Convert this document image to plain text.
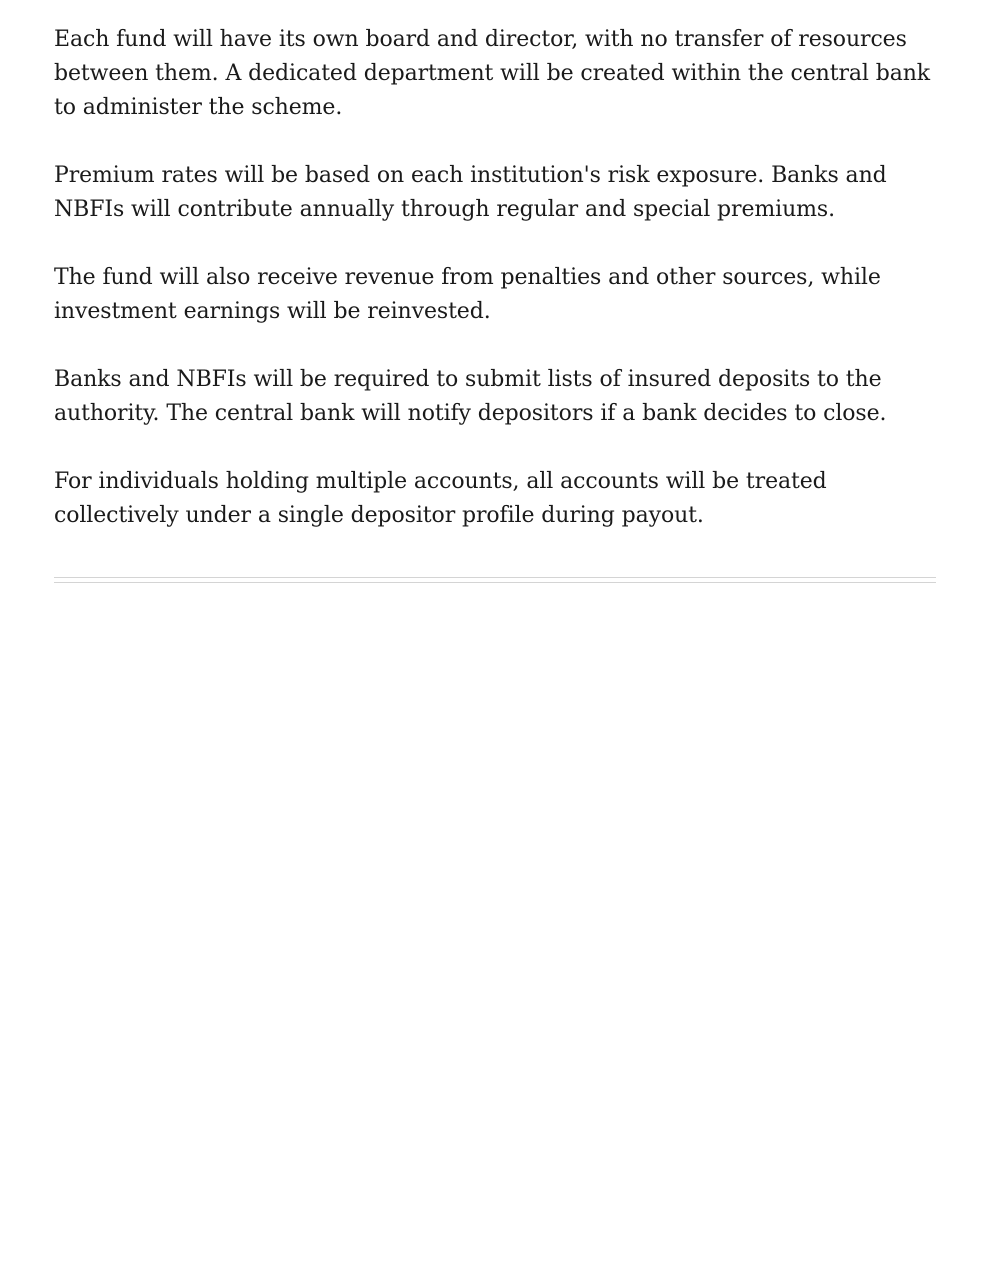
Each fund will have its own board and director, with no transfer of resources between them. A dedicated department will be created within the central bank to administer the scheme.

Premium rates will be based on each institution's risk exposure. Banks and NBFIs will contribute annually through regular and special premiums.

The fund will also receive revenue from penalties and other sources, while investment earnings will be reinvested.

Banks and NBFIs will be required to submit lists of insured deposits to the authority. The central bank will notify depositors if a bank decides to close.

For individuals holding multiple accounts, all accounts will be treated collectively under a single depositor profile during payout.
